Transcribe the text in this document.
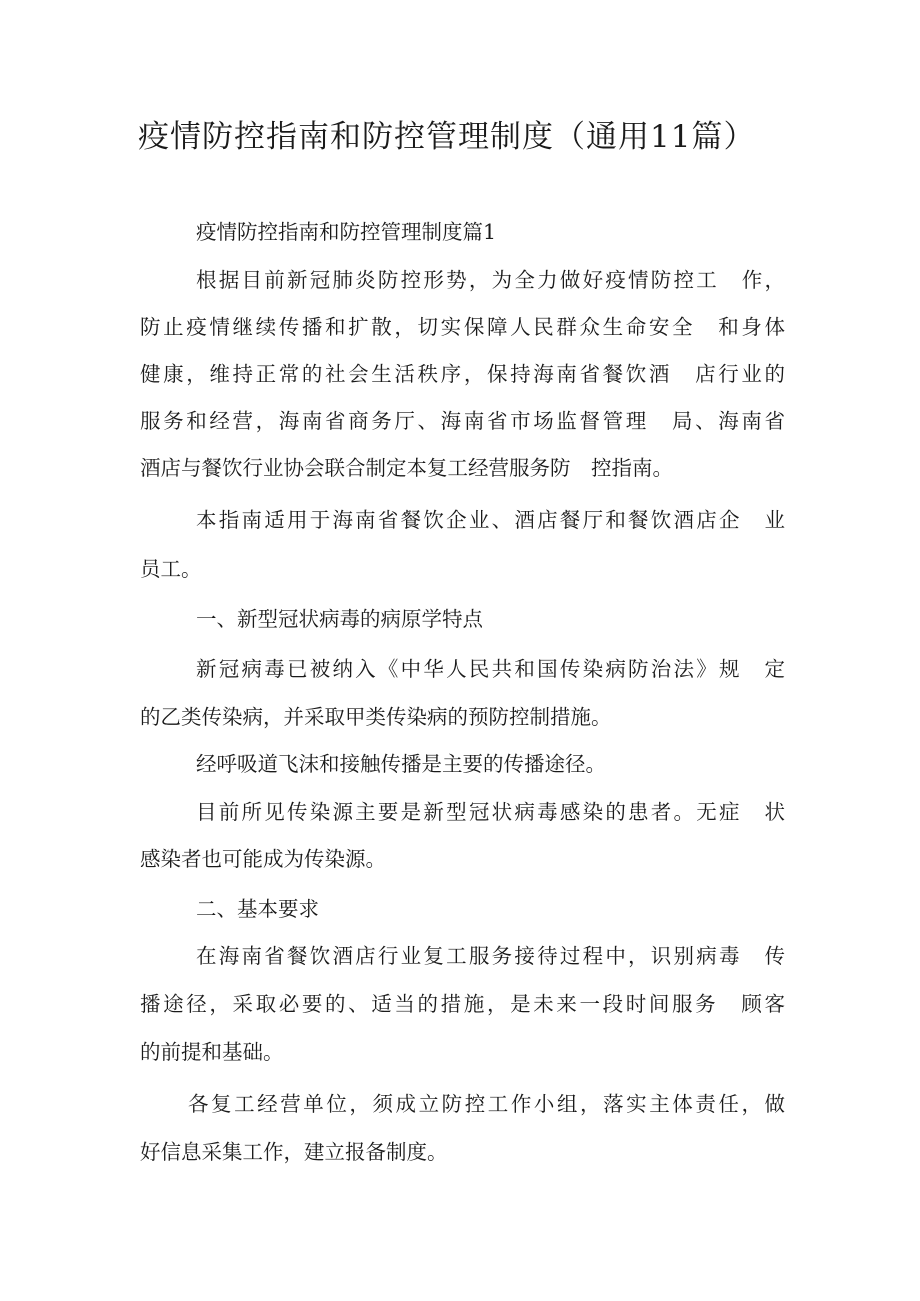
疫情防控指南和防控管理制度（通用11篇）
疫情防控指南和防控管理制度篇1
根据目前新冠肺炎防控形势，为全力做好疫情防控工　作，
防止疫情继续传播和扩散，切实保障人民群众生命安全　和身体
健康，维持正常的社会生活秩序，保持海南省餐饮酒　店行业的
服务和经营，海南省商务厅、海南省市场监督管理　局、海南省
酒店与餐饮行业协会联合制定本复工经营服务防　控指南。
本指南适用于海南省餐饮企业、酒店餐厅和餐饮酒店企　业
员工。
一、新型冠状病毒的病原学特点
新冠病毒已被纳入《中华人民共和国传染病防治法》规　定
的乙类传染病，并采取甲类传染病的预防控制措施。
经呼吸道飞沫和接触传播是主要的传播途径。
目前所见传染源主要是新型冠状病毒感染的患者。无症　状
感染者也可能成为传染源。
二、基本要求
在海南省餐饮酒店行业复工服务接待过程中，识别病毒　传
播途径，采取必要的、适当的措施，是未来一段时间服务　顾客
的前提和基础。
各复工经营单位，须成立防控工作小组，落实主体责任，做
好信息采集工作，建立报备制度。
